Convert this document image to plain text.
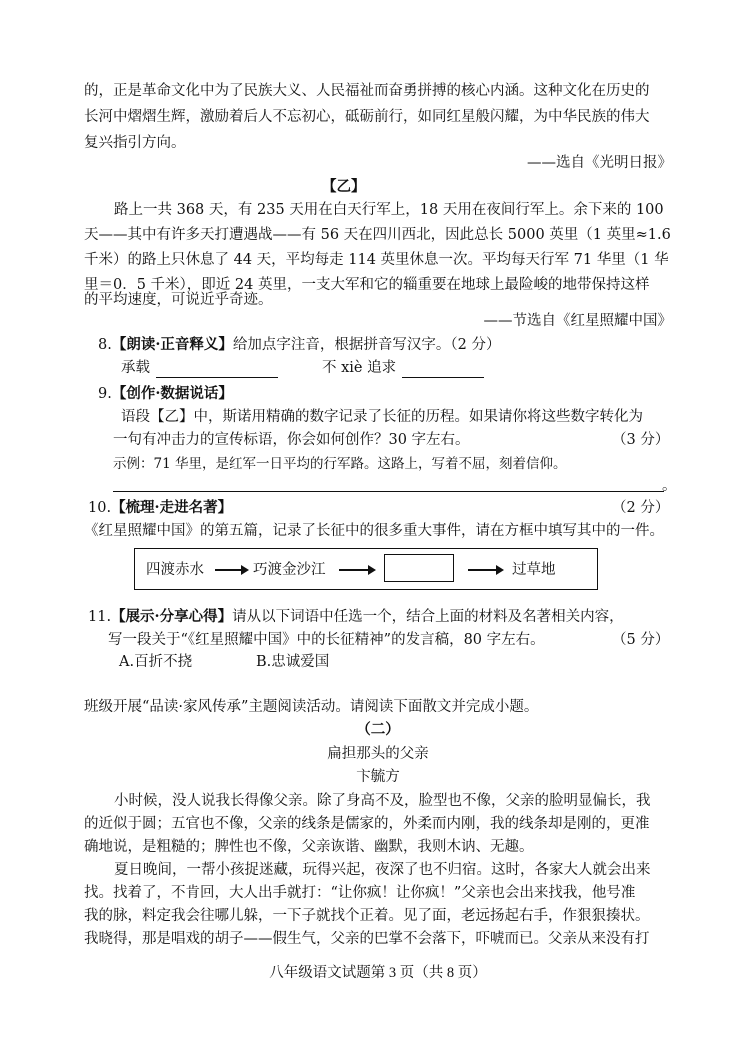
的，正是革命文化中为了民族大义、人民福祉而奋勇拼搏的核心内涵。这种文化在历史的
长河中熠熠生辉，激励着后人不忘初心，砥砺前行，如同红星般闪耀，为中华民族的伟大
复兴指引方向。
——选自《光明日报》
【乙】
路上一共 368 天，有 235 天用在白天行军上，18 天用在夜间行军上。余下来的 100
天——其中有许多天打遭遇战——有 56 天在四川西北，因此总长 5000 英里（1 英里≈1.6
千米）的路上只休息了 44 天，平均每走 114 英里休息一次。平均每天行军 71 华里（1 华
里＝0．5 千米），即近 24 英里，一支大军和它的辎重要在地球上最险峻的地带保持这样
的平均速度，可说近乎奇迹。
——节选自《红星照耀中国》
8.【朗读·正音释义】给加点字注音，根据拼音写汉字。（2 分）
承载	不 xiè 追求
9.【创作·数据说话】
语段【乙】中，斯诺用精确的数字记录了长征的历程。如果请你将这些数字转化为
一句有冲击力的宣传标语，你会如何创作？30 字左右。	（3 分）
示例：71 华里，是红军一日平均的行军路。这路上，写着不屈，刻着信仰。
。
10.【梳理·走进名著】	（2 分）
《红星照耀中国》的第五篇，记录了长征中的很多重大事件，请在方框中填写其中的一件。
四渡赤水	巧渡金沙江	过草地
11.【展示·分享心得】请从以下词语中任选一个，结合上面的材料及名著相关内容，
写一段关于“《红星照耀中国》中的长征精神”的发言稿，80 字左右。	（5 分）
A.百折不挠	B.忠诚爱国
班级开展“品读·家风传承”主题阅读活动。请阅读下面散文并完成小题。
（二）
扁担那头的父亲
卞毓方
小时候，没人说我长得像父亲。除了身高不及，脸型也不像，父亲的脸明显偏长，我
的近似于圆；五官也不像，父亲的线条是儒家的，外柔而内刚，我的线条却是刚的，更准
确地说，是粗糙的；脾性也不像，父亲诙谐、幽默，我则木讷、无趣。
夏日晚间，一帮小孩捉迷藏，玩得兴起，夜深了也不归宿。这时，各家大人就会出来
找。找着了，不肯回，大人出手就打：“让你疯！让你疯！”父亲也会出来找我，他号准
我的脉，料定我会往哪儿躲，一下子就找个正着。见了面，老远扬起右手，作狠狠揍状。
我晓得，那是唱戏的胡子——假生气，父亲的巴掌不会落下，吓唬而已。父亲从来没有打
八年级语文试题第 3 页（共 8 页）
